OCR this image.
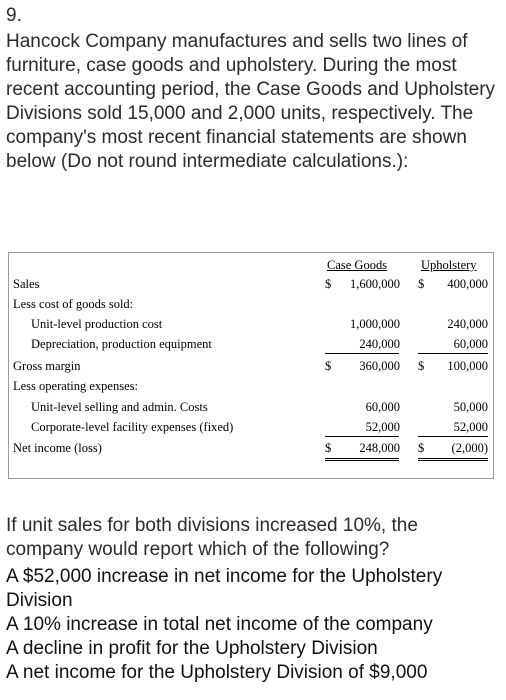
9.
Hancock Company manufactures and sells two lines of furniture, case goods and upholstery. During the most recent accounting period, the Case Goods and Upholstery Divisions sold 15,000 and 2,000 units, respectively. The company's most recent financial statements are shown below (Do not round intermediate calculations.):
Case Goods	Upholstery
Sales	$ 1,600,000 $ 400,000
Less cost of goods sold:
Unit-level production cost	1,000,000	240,000
Depreciation, production equipment	240,000	60,000
Gross margin	$ 360,000 $ 100,000
Less operating expenses:
Unit-level selling and admin. Costs	60,000	50,000
Corporate-level facility expenses (fixed)	52,000	52,000
Net income (loss)	$ 248,000 $ (2,000)
If unit sales for both divisions increased 10%, the company would report which of the following?
A $52,000 increase in net income for the Upholstery Division
A 10% increase in total net income of the company
A decline in profit for the Upholstery Division
A net income for the Upholstery Division of $9,000
